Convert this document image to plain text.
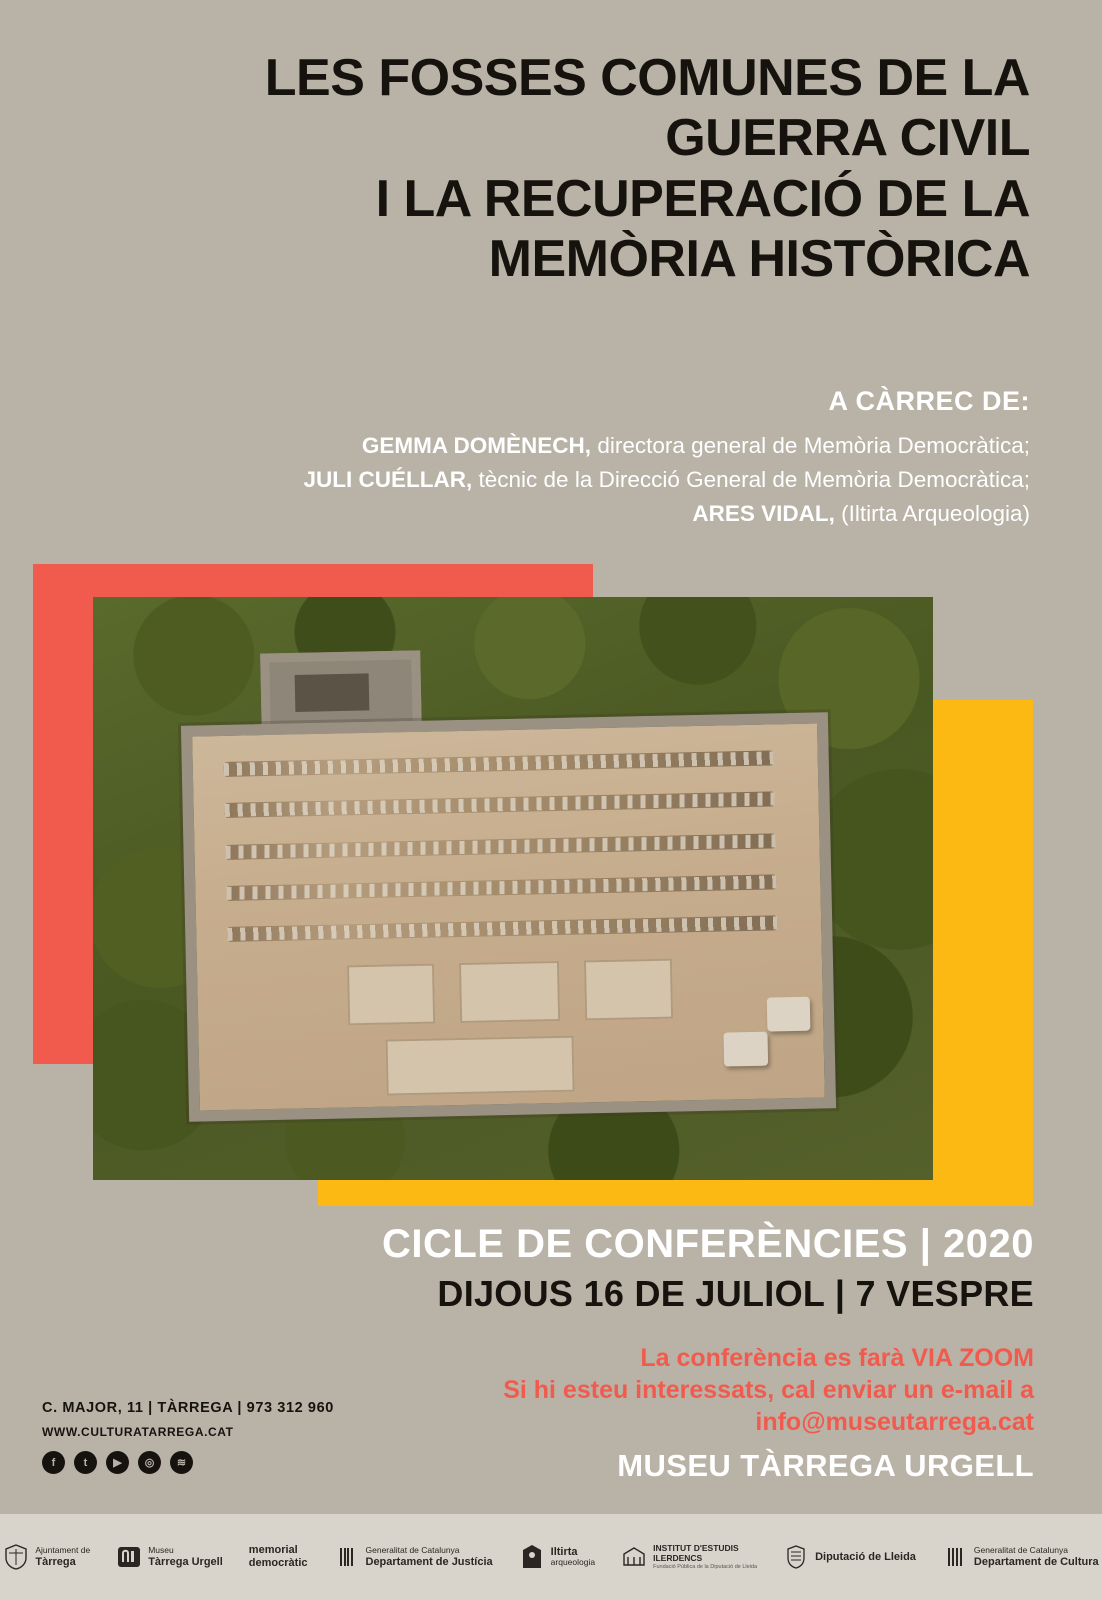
LES FOSSES COMUNES DE LA
GUERRA CIVIL
I LA RECUPERACIÓ DE LA
MEMÒRIA HISTÒRICA
A CÀRREC DE:
GEMMA DOMÈNECH, directora general de Memòria Democràtica;
JULI CUÉLLAR, tècnic de la Direcció General de Memòria Democràtica;
ARES VIDAL, (Iltirta Arqueologia)
CICLE DE CONFERÈNCIES | 2020
DIJOUS 16 DE JULIOL | 7 VESPRE
La conferència es farà VIA ZOOM
Si hi esteu interessats, cal enviar un e-mail a
info@museutarrega.cat
MUSEU TÀRREGA URGELL
C. MAJOR, 11 | TÀRREGA | 973 312 960
WWW.CULTURATARREGA.CAT
f	t	▶	◎	≋
Ajuntament de
Tàrrega
Museu
Tàrrega Urgell
memorial
democràtic
Generalitat de Catalunya
Departament de Justícia
Iltirta
arqueologia
INSTITUT D'ESTUDIS
ILERDENCS
Fundació Pública de la Diputació de Lleida
Diputació de Lleida
Generalitat de Catalunya
Departament de Cultura
